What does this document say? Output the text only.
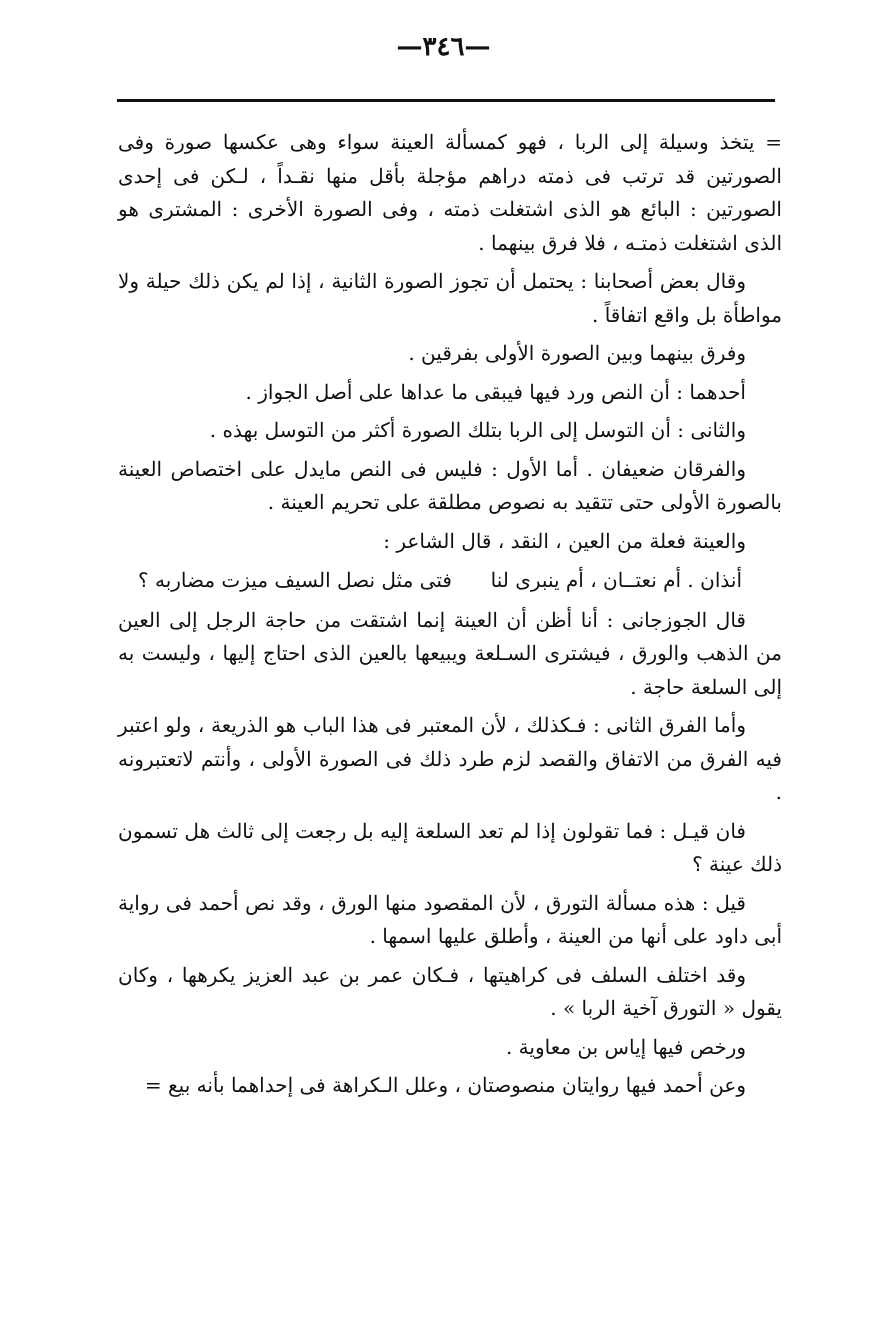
—٣٤٦—

= يتخذ وسيلة إلى الربا ، فهو كمسألة العينة سواء وهى عكسها صورة وفى الصورتين قد ترتب فى ذمته دراهم مؤجلة بأقل منها نقـداً ، لـكن فى إحدى الصورتين : البائع هو الذى اشتغلت ذمته ، وفى الصورة الأخرى : المشترى هو الذى اشتغلت ذمتـه ، فلا فرق بينهما .

وقال بعض أصحابنا : يحتمل أن تجوز الصورة الثانية ، إذا لم يكن ذلك حيلة ولا مواطأة بل واقع اتفاقاً .

وفرق بينهما وبين الصورة الأولى بفرقين .

أحدهما : أن النص ورد فيها فيبقى ما عداها على أصل الجواز .

والثانى : أن التوسل إلى الربا بتلك الصورة أكثر من التوسل بهذه .

والفرقان ضعيفان . أما الأول : فليس فى النص مايدل على اختصاص العينة بالصورة الأولى حتى تتقيد به نصوص مطلقة على تحريم العينة .

والعينة فعلة من العين ، النقد ، قال الشاعر :

أنذان . أم نعتــان ، أم ينبرى لنا
فتى مثل نصل السيف ميزت مضاربه ؟

قال الجوزجانى : أنا أظن أن العينة إنما اشتقت من حاجة الرجل إلى العين من الذهب والورق ، فيشترى السـلعة ويبيعها بالعين الذى احتاج إليها ، وليست به إلى السلعة حاجة .

وأما الفرق الثانى : فـكذلك ، لأن المعتبر فى هذا الباب هو الذريعة ، ولو اعتبر فيه الفرق من الاتفاق والقصد لزم طرد ذلك فى الصورة الأولى ، وأنتم لاتعتبرونه .

فان قيـل : فما تقولون إذا لم تعد السلعة إليه بل رجعت إلى ثالث هل تسمون ذلك عينة ؟

قيل : هذه مسألة التورق ، لأن المقصود منها الورق ، وقد نص أحمد فى رواية أبى داود على أنها من العينة ، وأطلق عليها اسمها .

وقد اختلف السلف فى كراهيتها ، فـكان عمر بن عبد العزيز يكرهها ، وكان يقول « التورق آخية الربا » .

ورخص فيها إياس بن معاوية .

وعن أحمد فيها روايتان منصوصتان ، وعلل الـكراهة فى إحداهما بأنه بيع =
